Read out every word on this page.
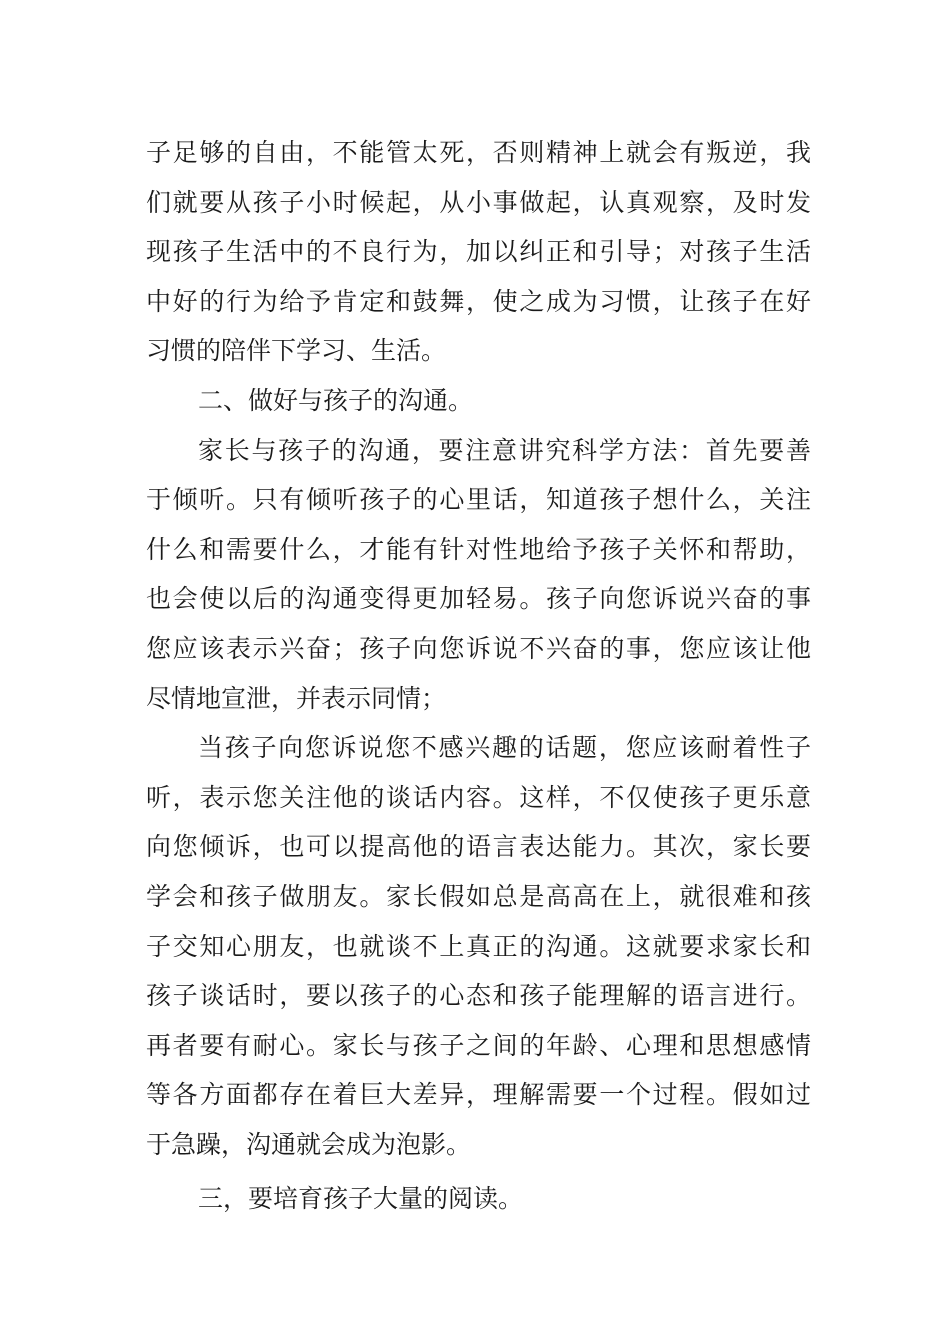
子足够的自由，不能管太死，否则精神上就会有叛逆，我
们就要从孩子小时候起，从小事做起，认真观察，及时发
现孩子生活中的不良行为，加以纠正和引导；对孩子生活
中好的行为给予肯定和鼓舞，使之成为习惯，让孩子在好
习惯的陪伴下学习、生活。
二、做好与孩子的沟通。
家长与孩子的沟通，要注意讲究科学方法：首先要善
于倾听。只有倾听孩子的心里话，知道孩子想什么，关注
什么和需要什么，才能有针对性地给予孩子关怀和帮助，
也会使以后的沟通变得更加轻易。孩子向您诉说兴奋的事
您应该表示兴奋；孩子向您诉说不兴奋的事，您应该让他
尽情地宣泄，并表示同情；
当孩子向您诉说您不感兴趣的话题，您应该耐着性子
听，表示您关注他的谈话内容。这样，不仅使孩子更乐意
向您倾诉，也可以提高他的语言表达能力。其次，家长要
学会和孩子做朋友。家长假如总是高高在上，就很难和孩
子交知心朋友，也就谈不上真正的沟通。这就要求家长和
孩子谈话时，要以孩子的心态和孩子能理解的语言进行。
再者要有耐心。家长与孩子之间的年龄、心理和思想感情
等各方面都存在着巨大差异，理解需要一个过程。假如过
于急躁，沟通就会成为泡影。
三，要培育孩子大量的阅读。
